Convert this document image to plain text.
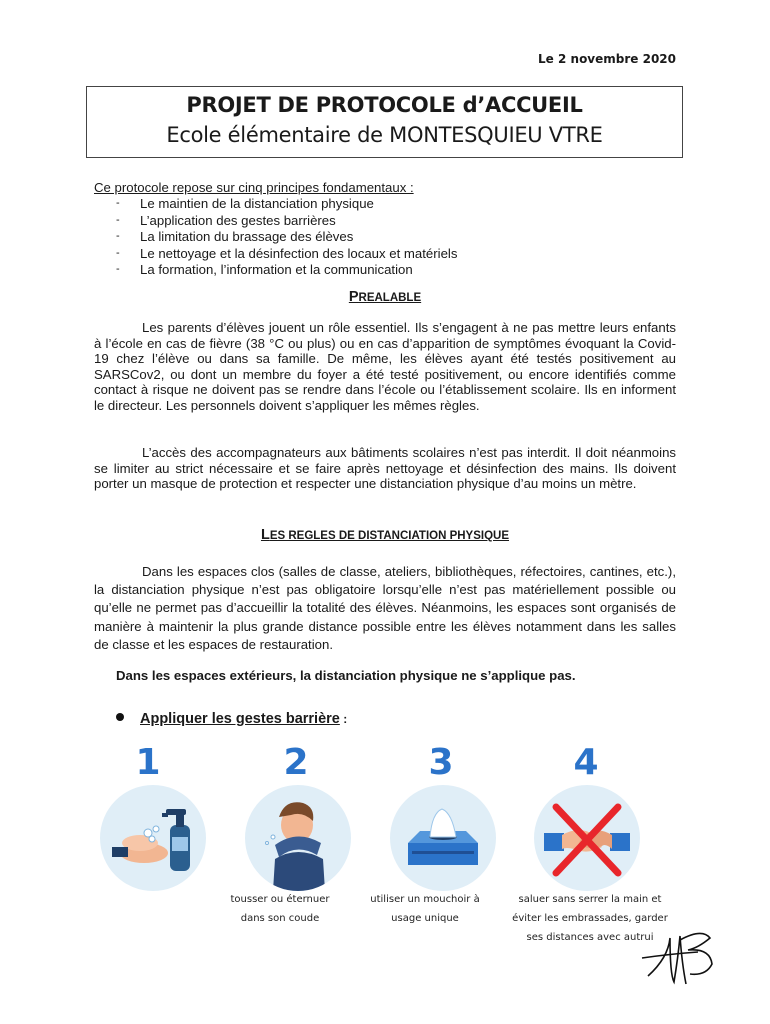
Le 2 novembre 2020
PROJET DE PROTOCOLE d’ACCUEIL
Ecole élémentaire de MONTESQUIEU VTRE
Ce protocole repose sur cinq principes fondamentaux :
- Le maintien de la distanciation physique
- L’application des gestes barrières
- La limitation du brassage des élèves
- Le nettoyage et la désinfection des locaux et matériels
- La formation, l’information et la communication
PREALABLE
Les parents d’élèves jouent un rôle essentiel. Ils s’engagent à ne pas mettre leurs enfants à l’école en cas de fièvre (38 °C ou plus) ou en cas d’apparition de symptômes évoquant la Covid-19 chez l’élève ou dans sa famille. De même, les élèves ayant été testés positivement au SARSCov2, ou dont un membre du foyer a été testé positivement, ou encore identifiés comme contact à risque ne doivent pas se rendre dans l’école ou l’établissement scolaire. Ils en informent le directeur. Les personnels doivent s’appliquer les mêmes règles.
L’accès des accompagnateurs aux bâtiments scolaires n’est pas interdit. Il doit néanmoins se limiter au strict nécessaire et se faire après nettoyage et désinfection des mains. Ils doivent porter un masque de protection et respecter une distanciation physique d’au moins un mètre.
LES REGLES DE DISTANCIATION PHYSIQUE
Dans les espaces clos (salles de classe, ateliers, bibliothèques, réfectoires, cantines, etc.), la distanciation physique n’est pas obligatoire lorsqu’elle n’est pas matériellement possible ou qu’elle ne permet pas d’accueillir la totalité des élèves. Néanmoins, les espaces sont organisés de manière à maintenir la plus grande distance possible entre les élèves notamment dans les salles de classe et les espaces de restauration.
Dans les espaces extérieurs, la distanciation physique ne s’applique pas.
Appliquer les gestes barrière :
1	2	3	4
tousser ou éternuer
dans son coude
utiliser un mouchoir à
usage unique
saluer sans serrer la main et
éviter les embrassades, garder
ses distances avec autrui
